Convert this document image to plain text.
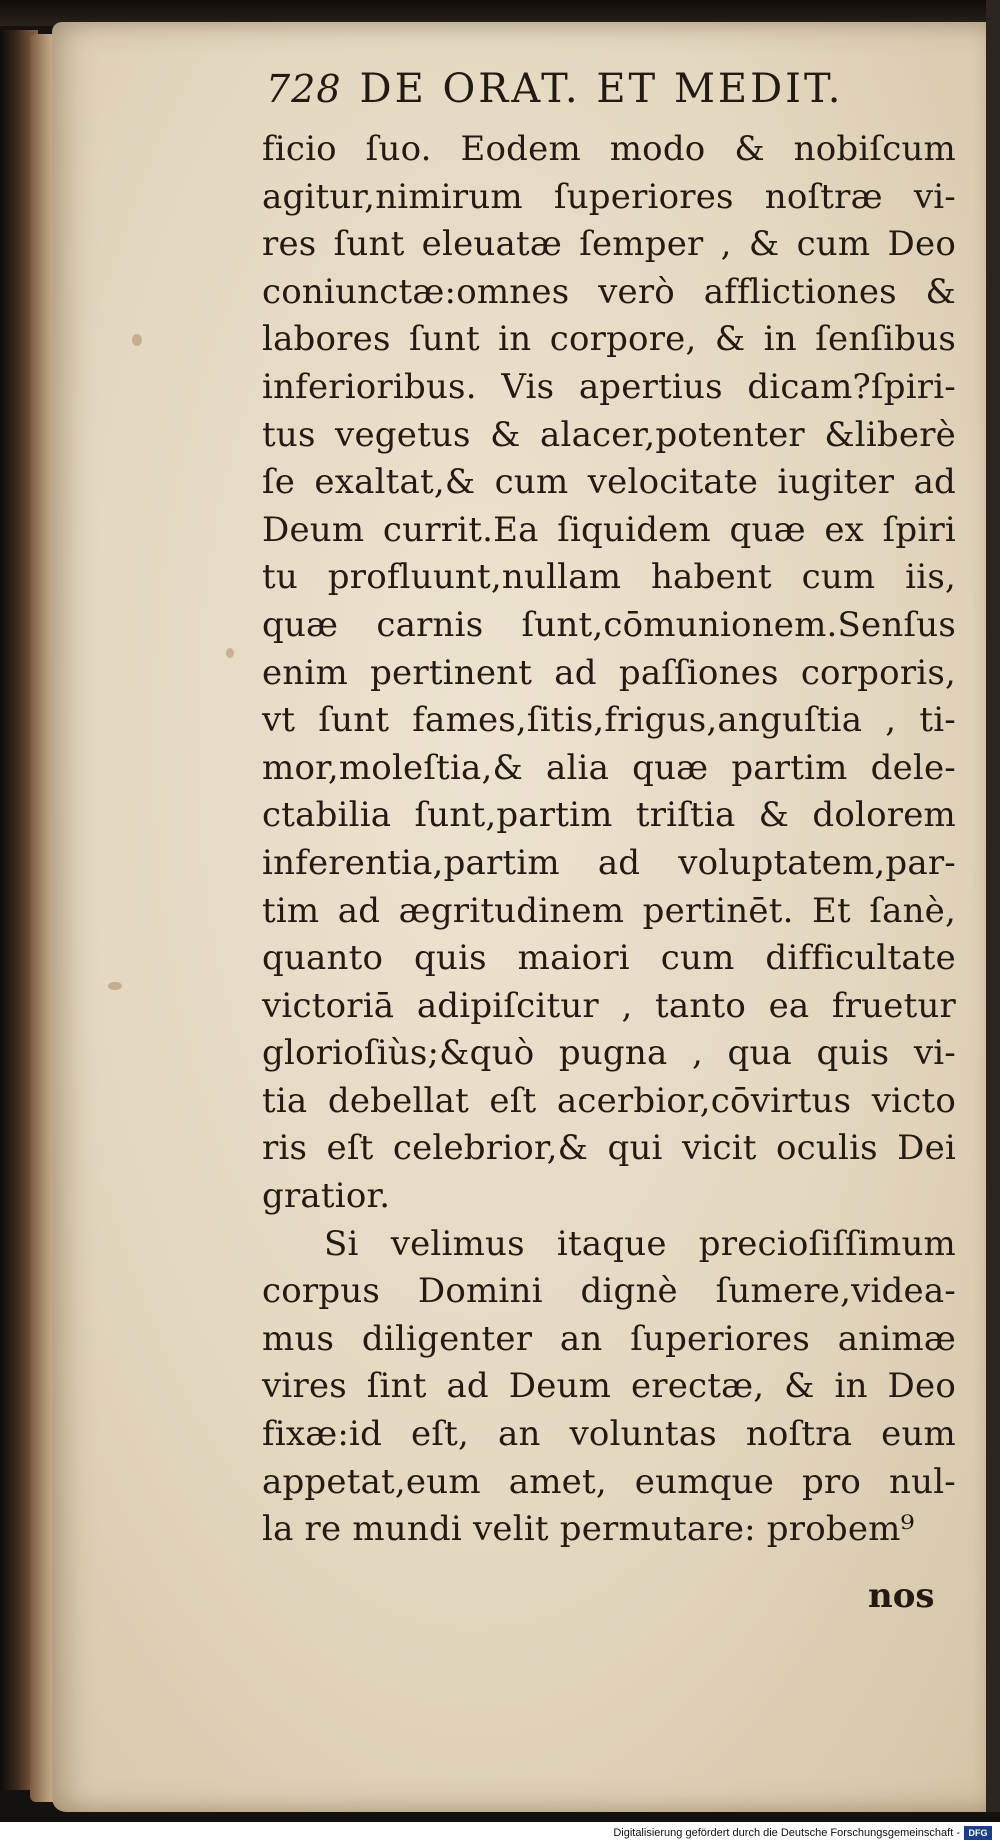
728 DE ORAT. ET MEDIT.
ficio ſuo. Eodem modo & nobiſcum
agitur,nimirum ſuperiores noſtræ vi-
res ſunt eleuatæ ſemper , & cum Deo
coniunctæ:omnes verò afflictiones &
labores ſunt in corpore, & in ſenſibus
inferioribus. Vis apertius dicam?ſpiri-
tus vegetus & alacer,potenter &liberè
ſe exaltat,& cum velocitate iugiter ad
Deum currit.Ea ſiquidem quæ ex ſpiri
tu profluunt,nullam habent cum iis,
quæ carnis ſunt,cōmunionem.Senſus
enim pertinent ad paſſiones corporis,
vt ſunt fames,ſitis,frigus,anguſtia , ti-
mor,moleſtia,& alia quæ partim dele-
ctabilia ſunt,partim triſtia & dolorem
inferentia,partim ad voluptatem,par-
tim ad ægritudinem pertinēt. Et ſanè,
quanto quis maiori cum difficultate
victoriā adipiſcitur , tanto ea fruetur
glorioſiùs;&quò pugna , qua quis vi-
tia debellat eſt acerbior,cōvirtus victo
ris eſt celebrior,& qui vicit oculis Dei
gratior.
Si velimus itaque precioſiſſimum
corpus Domini dignè ſumere,videa-
mus diligenter an ſuperiores animæ
vires ſint ad Deum erectæ, & in Deo
fixæ:id eſt, an voluntas noſtra eum
appetat,eum amet, eumque pro nul-
la re mundi velit permutare: probem⁹
nos
Digitalisierung gefördert durch die Deutsche Forschungsgemeinschaft - DFG
